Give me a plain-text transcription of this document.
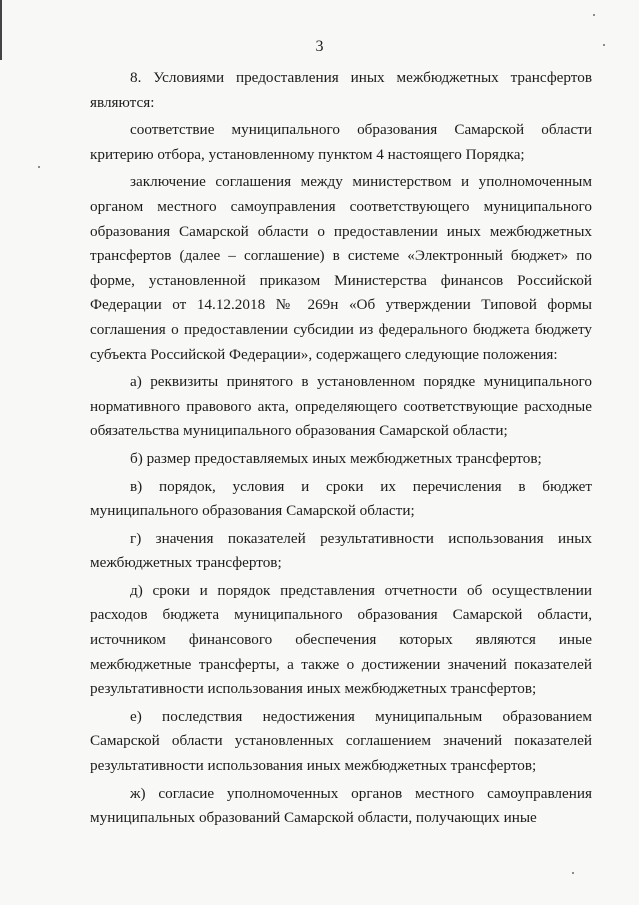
3

8. Условиями предоставления иных межбюджетных трансфертов являются:

соответствие муниципального образования Самарской области критерию отбора, установленному пунктом 4 настоящего Порядка;

заключение соглашения между министерством и уполномоченным органом местного самоуправления соответствующего муниципального образования Самарской области о предоставлении иных межбюджетных трансфертов (далее – соглашение) в системе «Электронный бюджет» по форме, установленной приказом Министерства финансов Российской Федерации от 14.12.2018 № 269н «Об утверждении Типовой формы соглашения о предоставлении субсидии из федерального бюджета бюджету субъекта Российской Федерации», содержащего следующие положения:

а) реквизиты принятого в установленном порядке муниципального нормативного правового акта, определяющего соответствующие расходные обязательства муниципального образования Самарской области;

б) размер предоставляемых иных межбюджетных трансфертов;

в) порядок, условия и сроки их перечисления в бюджет муниципального образования Самарской области;

г) значения показателей результативности использования иных межбюджетных трансфертов;

д) сроки и порядок представления отчетности об осуществлении расходов бюджета муниципального образования Самарской области, источником финансового обеспечения которых являются иные межбюджетные трансферты, а также о достижении значений показателей результативности использования иных межбюджетных трансфертов;

е) последствия недостижения муниципальным образованием Самарской области установленных соглашением значений показателей результативности использования иных межбюджетных трансфертов;

ж) согласие уполномоченных органов местного самоуправления муниципальных образований Самарской области, получающих иные
